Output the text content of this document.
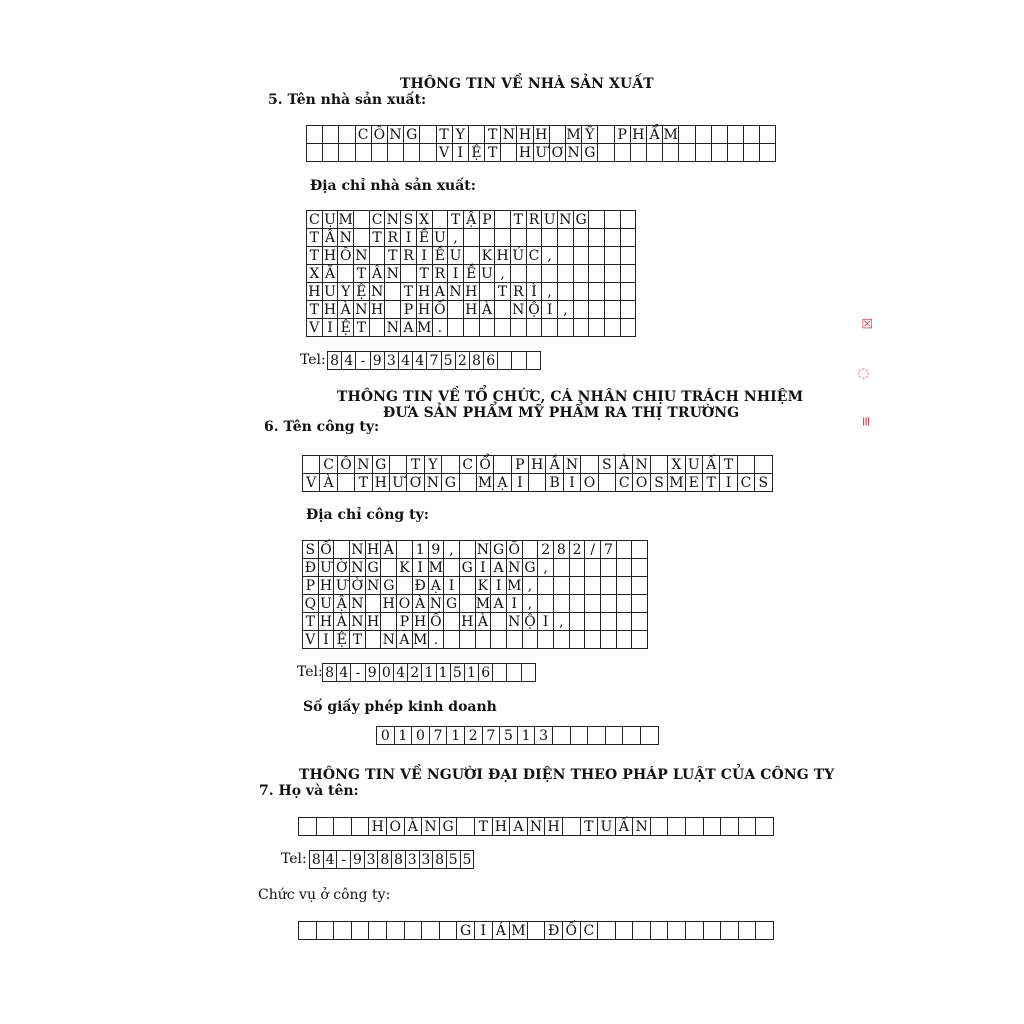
THÔNG TIN VỀ NHÀ SẢN XUẤT
5. Tên nhà sản xuất:
C Ô N G T Y T N H H M Ỹ P H Ẩ M
V I Ệ T H Ư Ơ N G
Địa chỉ nhà sản xuất:
C Ụ M C N S X T Ậ P T R U N G
T Â N T R I Ề U ,
T H Ô N T R I Ề U K H Ú C ,
X Ã T Â N T R I Ề U ,
H U Y Ệ N T H A N H T R Ì ,
T H À N H P H Ố H À N Ộ I ,
V I Ệ T N A M .
Tel: 8 4 - 9 3 4 4 7 5 2 8 6
THÔNG TIN VỀ TỔ CHỨC, CÁ NHÂN CHỊU TRÁCH NHIỆM
ĐƯA SẢN PHẨM MỸ PHẨM RA THỊ TRƯỜNG
6. Tên công ty:
C Ô N G T Y	C Ổ P H Ầ N S Ả N X U Ấ T
V À T H Ư Ơ N G M Ạ I	B I O C O S M E T I C S
Địa chỉ công ty:
S Ố N H À 1 9 ,	N G Õ 2 8 2 / 7
Đ Ư Ờ N G K I M G I A N G ,
P H Ư Ờ N G Đ Ạ I	K I M ,
Q U Ậ N H O À N G M A I ,
T H À N H P H Ố H À N Ộ I ,
V I Ệ T N A M .
Tel: 8 4 - 9 0 4 2 1 1 5 1 6
Số giấy phép kinh doanh
0 1 0 7 1 2 7 5 1 3
THÔNG TIN VỀ NGƯỜI ĐẠI DIỆN THEO PHÁP LUẬT CỦA CÔNG TY
7. Họ và tên:
H O À N G T H A N H T U Ấ N
Tel: 8 4 - 9 3 8 8 3 3 8 5 5
Chức vụ ở công ty:
G I Á M Đ Ố C
☒
◌
≡
